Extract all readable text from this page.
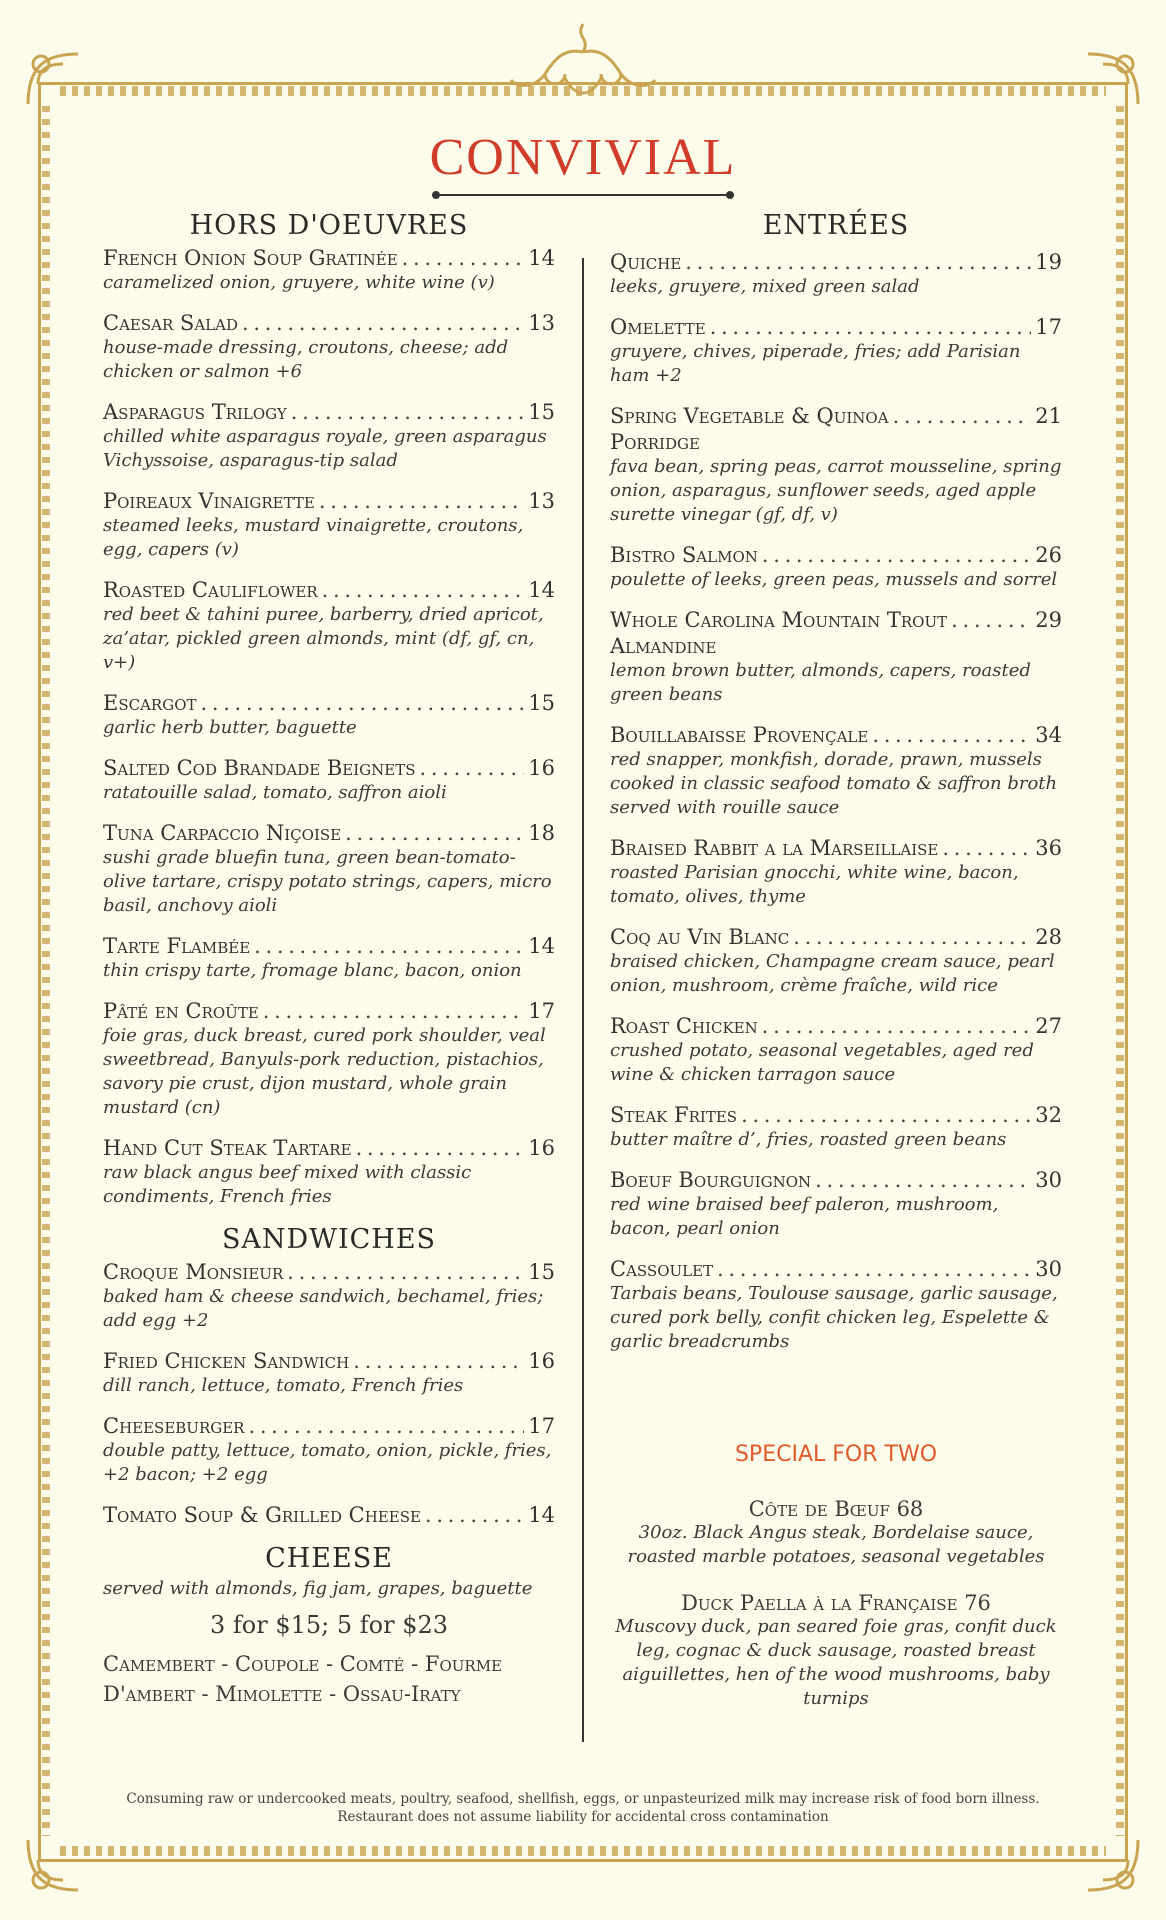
CONVIVIAL
HORS D'OEUVRES
French Onion Soup Gratinée . . .	14
caramelized onion, gruyere, white wine (v)
Caesar Salad . . .	13
house-made dressing, croutons, cheese; add chicken or salmon +6
Asparagus Trilogy . . .	15
chilled white asparagus royale, green asparagus Vichyssoise, asparagus-tip salad
Poireaux Vinaigrette . . .	13
steamed leeks, mustard vinaigrette, croutons, egg, capers (v)
Roasted Cauliflower . . .	14
red beet & tahini puree, barberry, dried apricot, za’atar, pickled green almonds, mint (df, gf, cn, v+)
Escargot . . .	15
garlic herb butter, baguette
Salted Cod Brandade Beignets . . .	16
ratatouille salad, tomato, saffron aioli
Tuna Carpaccio Niçoise . . .	18
sushi grade bluefin tuna, green bean-tomato-olive tartare, crispy potato strings, capers, micro basil, anchovy aioli
Tarte Flambée . . .	14
thin crispy tarte, fromage blanc, bacon, onion
Pâté en Croûte . . .	17
foie gras, duck breast, cured pork shoulder, veal sweetbread, Banyuls-pork reduction, pistachios, savory pie crust, dijon mustard, whole grain mustard (cn)
Hand Cut Steak Tartare . . .	16
raw black angus beef mixed with classic condiments, French fries
SANDWICHES
Croque Monsieur . . .	15
baked ham & cheese sandwich, bechamel, fries; add egg +2
Fried Chicken Sandwich . . .	16
dill ranch, lettuce, tomato, French fries
Cheeseburger . . .	17
double patty, lettuce, tomato, onion, pickle, fries, +2 bacon; +2 egg
Tomato Soup & Grilled Cheese . . .	14
CHEESE
served with almonds, fig jam, grapes, baguette
3 for $15; 5 for $23
Camembert - Coupole - Comté - Fourme D'ambert - Mimolette - Ossau-Iraty
ENTRÉES
Quiche . . .	19
leeks, gruyere, mixed green salad
Omelette . . .	17
gruyere, chives, piperade, fries; add Parisian ham +2
Spring Vegetable & Quinoa . . .	21
Porridge
fava bean, spring peas, carrot mousseline, spring onion, asparagus, sunflower seeds, aged apple surette vinegar (gf, df, v)
Bistro Salmon . . .	26
poulette of leeks, green peas, mussels and sorrel
Whole Carolina Mountain Trout . . .	29
Almandine
lemon brown butter, almonds, capers, roasted green beans
Bouillabaisse Provençale . . .	34
red snapper, monkfish, dorade, prawn, mussels cooked in classic seafood tomato & saffron broth served with rouille sauce
Braised Rabbit a la Marseillaise . . .	36
roasted Parisian gnocchi, white wine, bacon, tomato, olives, thyme
Coq au Vin Blanc . . .	28
braised chicken, Champagne cream sauce, pearl onion, mushroom, crème fraîche, wild rice
Roast Chicken . . .	27
crushed potato, seasonal vegetables, aged red wine & chicken tarragon sauce
Steak Frites . . .	32
butter maître d’, fries, roasted green beans
Boeuf Bourguignon . . .	30
red wine braised beef paleron, mushroom, bacon, pearl onion
Cassoulet . . .	30
Tarbais beans, Toulouse sausage, garlic sausage, cured pork belly, confit chicken leg, Espelette & garlic breadcrumbs
SPECIAL FOR TWO
Côte de Bœuf 68
30oz. Black Angus steak, Bordelaise sauce, roasted marble potatoes, seasonal vegetables
Duck Paella à la Française 76
Muscovy duck, pan seared foie gras, confit duck leg, cognac & duck sausage, roasted breast aiguillettes, hen of the wood mushrooms, baby turnips
Consuming raw or undercooked meats, poultry, seafood, shellfish, eggs, or unpasteurized milk may increase risk of food born illness.
Restaurant does not assume liability for accidental cross contamination
